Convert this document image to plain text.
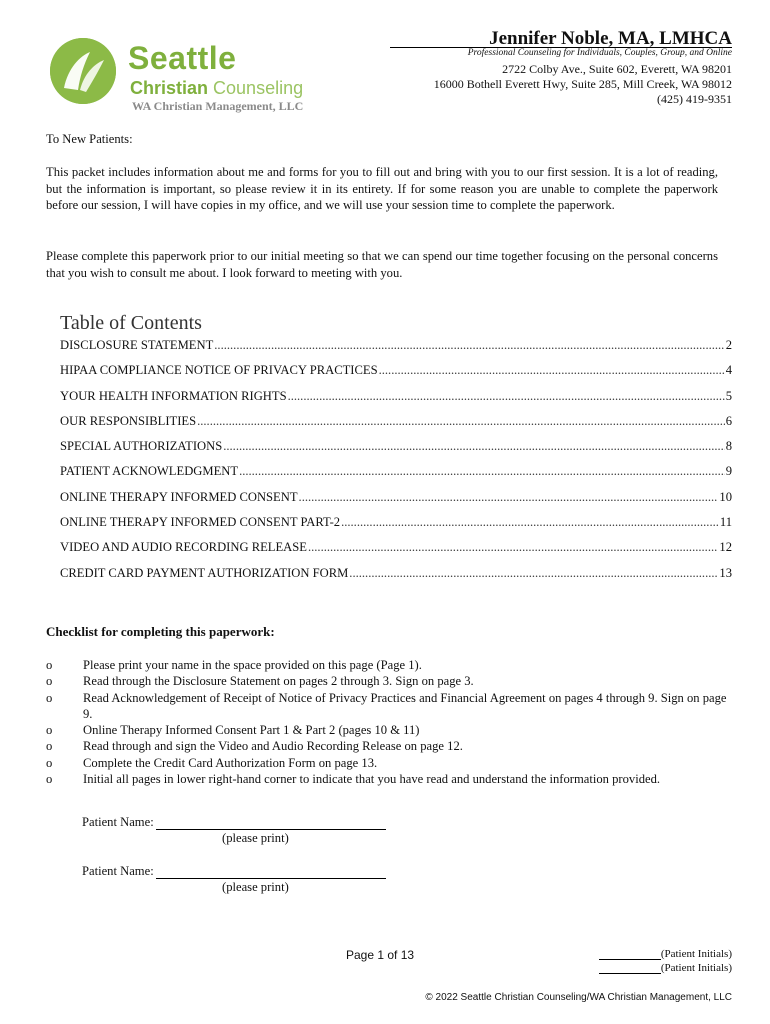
Seattle
Christian Counseling
WA Christian Management, LLC
Jennifer Noble, MA, LMHCA
Professional Counseling for Individuals, Couples, Group, and Online
2722 Colby Ave., Suite 602, Everett, WA 98201
16000 Bothell Everett Hwy, Suite 285, Mill Creek, WA 98012
(425) 419-9351
To New Patients:
This packet includes information about me and forms for you to fill out and bring with you to our first session. It is a lot of reading, but the information is important, so please review it in its entirety. If for some reason you are unable to complete the paperwork before our session, I will have copies in my office, and we will use your session time to complete the paperwork.
Please complete this paperwork prior to our initial meeting so that we can spend our time together focusing on the personal concerns that you wish to consult me about. I look forward to meeting with you.
Table of Contents
DISCLOSURE STATEMENT .....	2
HIPAA COMPLIANCE NOTICE OF PRIVACY PRACTICES .....	4
YOUR HEALTH INFORMATION RIGHTS .....	5
OUR RESPONSIBLITIES .....	6
SPECIAL AUTHORIZATIONS .....	8
PATIENT ACKNOWLEDGMENT .....	9
ONLINE THERAPY INFORMED CONSENT .....	10
ONLINE THERAPY INFORMED CONSENT PART-2 .....	11
VIDEO AND AUDIO RECORDING RELEASE .....	12
CREDIT CARD PAYMENT AUTHORIZATION FORM .....	13
Checklist for completing this paperwork:
o	Please print your name in the space provided on this page (Page 1).
o	Read through the Disclosure Statement on pages 2 through 3. Sign on page 3.
o	Read Acknowledgement of Receipt of Notice of Privacy Practices and Financial Agreement on pages 4 through 9. Sign on page 9.
o	Online Therapy Informed Consent Part 1 & Part 2 (pages 10 & 11)
o	Read through and sign the Video and Audio Recording Release on page 12.
o	Complete the Credit Card Authorization Form on page 13.
o	Initial all pages in lower right-hand corner to indicate that you have read and understand the information provided.
Patient Name:
(please print)
Patient Name:
(please print)
Page 1 of 13	(Patient Initials)
(Patient Initials)
© 2022 Seattle Christian Counseling/WA Christian Management, LLC
